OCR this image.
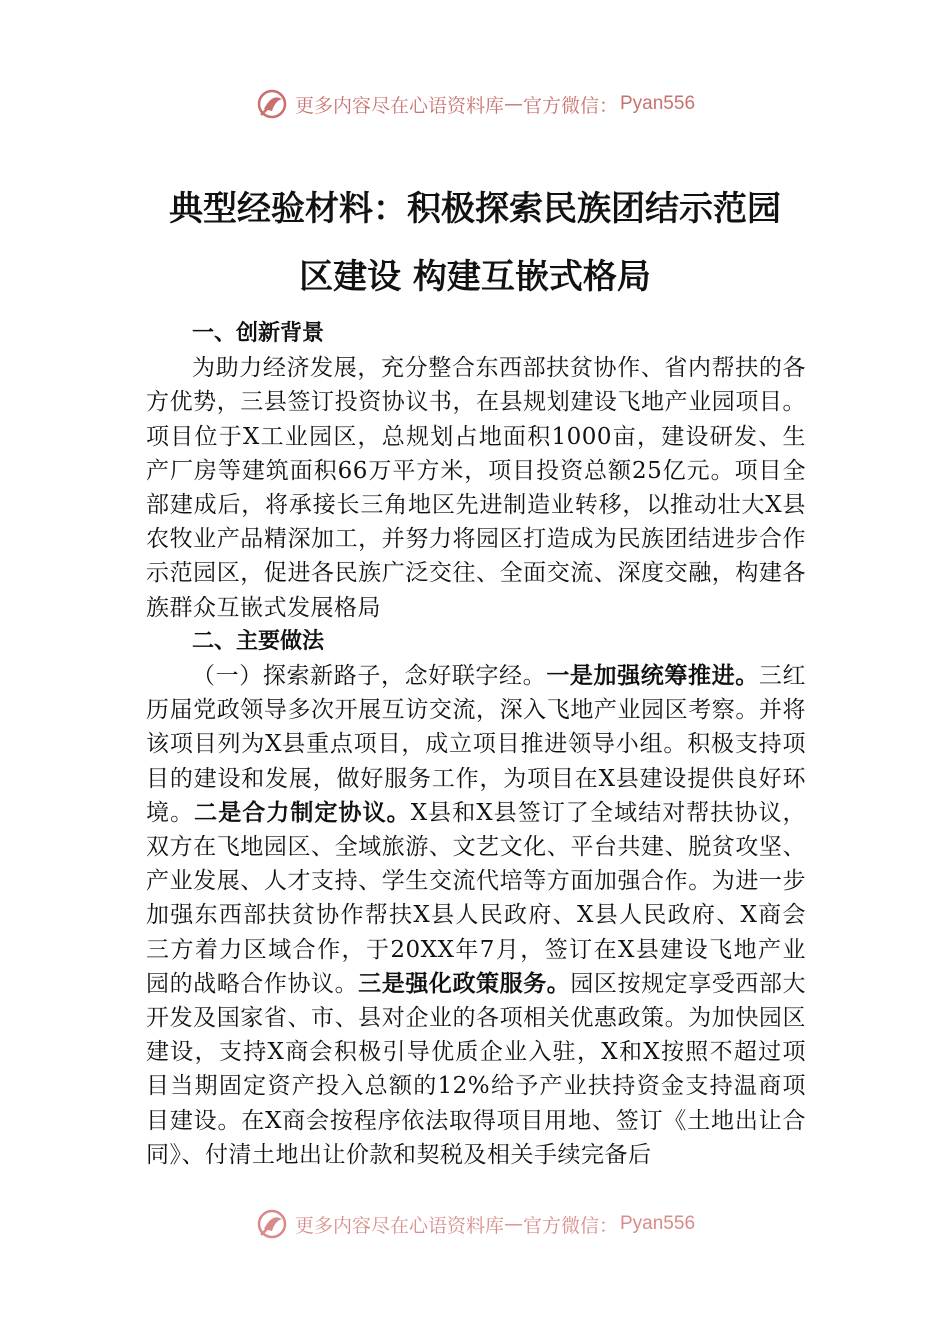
更多内容尽在心语资料库 — 官方微信： Pyan556
典型经验材料：积极探索民族团结示范园
区建设 构建互嵌式格局
一、创新背景

为助力经济发展，充分整合东西部扶贫协作、省内帮扶的各方优势，三县签订投资协议书，在县规划建设飞地产业园项目。项目位于X工业园区，总规划占地面积1000亩，建设研发、生产厂房等建筑面积66万平方米，项目投资总额25亿元。项目全部建成后，将承接长三角地区先进制造业转移，以推动壮大X县农牧业产品精深加工，并努力将园区打造成为民族团结进步合作示范园区，促进各民族广泛交往、全面交流、深度交融，构建各族群众互嵌式发展格局

二、主要做法

（一）探索新路子，念好联字经。一是加强统筹推进。三红历届党政领导多次开展互访交流，深入飞地产业园区考察。并将该项目列为X县重点项目，成立项目推进领导小组。积极支持项目的建设和发展，做好服务工作，为项目在X县建设提供良好环境。二是合力制定协议。X县和X县签订了全域结对帮扶协议，双方在飞地园区、全域旅游、文艺文化、平台共建、脱贫攻坚、产业发展、人才支持、学生交流代培等方面加强合作。为进一步加强东西部扶贫协作帮扶X县人民政府、X县人民政府、X商会三方着力区域合作，于20XX年7月，签订在X县建设飞地产业园的战略合作协议。三是强化政策服务。园区按规定享受西部大开发及国家省、市、县对企业的各项相关优惠政策。为加快园区建设，支持X商会积极引导优质企业入驻，X和X按照不超过项目当期固定资产投入总额的12%给予产业扶持资金支持温商项目建设。在X商会按程序依法取得项目用地、签订《土地出让合同》、付清土地出让价款和契税及相关手续完备后

更多内容尽在心语资料库 — 官方微信： Pyan556
